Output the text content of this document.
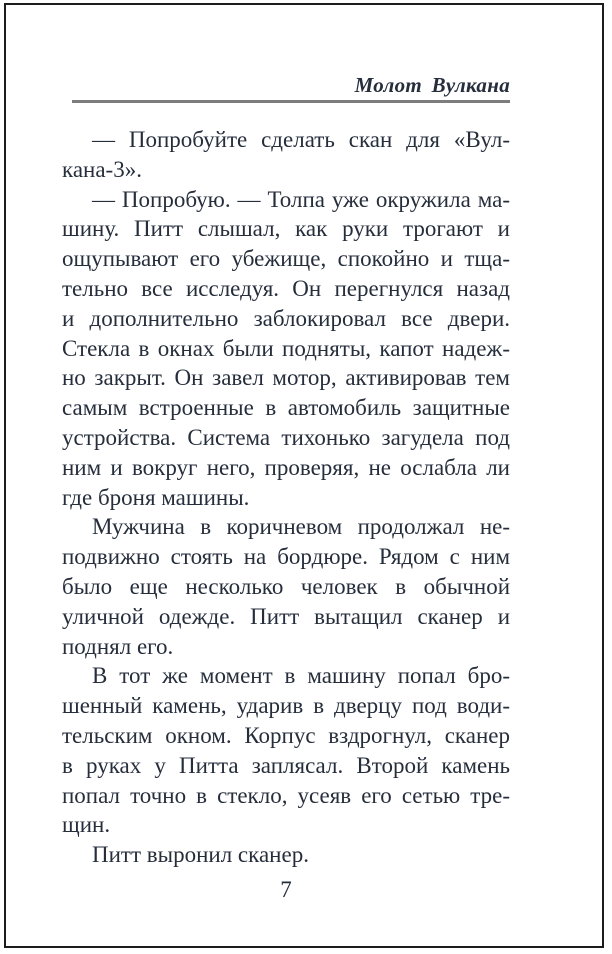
Молот Вулкана
— Попробуйте сделать скан для «Вул-
кана-3».
— Попробую. — Толпа уже окружила ма-
шину. Питт слышал, как руки трогают и
ощупывают его убежище, спокойно и тща-
тельно все исследуя. Он перегнулся назад
и дополнительно заблокировал все двери.
Стекла в окнах были подняты, капот надеж-
но закрыт. Он завел мотор, активировав тем
самым встроенные в автомобиль защитные
устройства. Система тихонько загудела под
ним и вокруг него, проверяя, не ослабла ли
где броня машины.
Мужчина в коричневом продолжал не-
подвижно стоять на бордюре. Рядом с ним
было еще несколько человек в обычной
уличной одежде. Питт вытащил сканер и
поднял его.
В тот же момент в машину попал бро-
шенный камень, ударив в дверцу под води-
тельским окном. Корпус вздрогнул, сканер
в руках у Питта заплясал. Второй камень
попал точно в стекло, усеяв его сетью тре-
щин.
Питт выронил сканер.
7
